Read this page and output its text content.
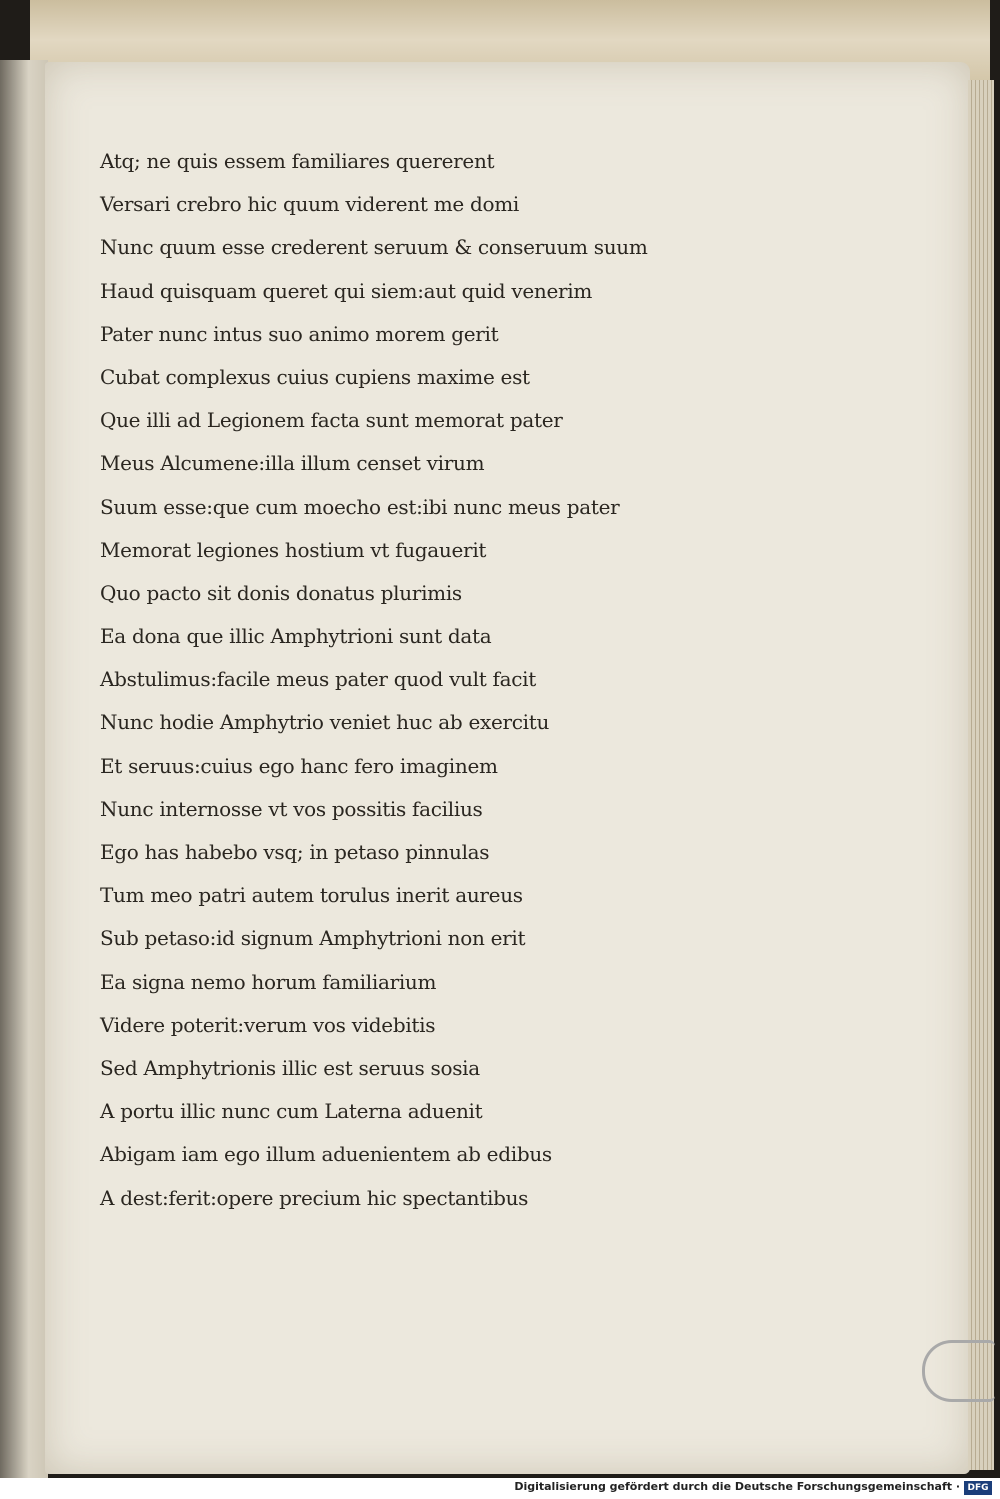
Atq; ne quis essem familiares quererent
Versari crebro hic quum viderent me domi
Nunc quum esse crederent seruum & conseruum suum
Haud quisquam queret qui siem:aut quid venerim
Pater nunc intus suo animo morem gerit
Cubat complexus cuius cupiens maxime est
Que illi ad Legionem facta sunt memorat pater
Meus Alcumene:illa illum censet virum
Suum esse:que cum moecho est:ibi nunc meus pater
Memorat legiones hostium vt fugauerit
Quo pacto sit donis donatus plurimis
Ea dona que illic Amphytrioni sunt data
Abstulimus:facile meus pater quod vult facit
Nunc hodie Amphytrio veniet huc ab exercitu
Et seruus:cuius ego hanc fero imaginem
Nunc internosse vt vos possitis facilius
Ego has habebo vsq; in petaso pinnulas
Tum meo patri autem torulus inerit aureus
Sub petaso:id signum Amphytrioni non erit
Ea signa nemo horum familiarium
Videre poterit:verum vos videbitis
Sed Amphytrionis illic est seruus sosia
A portu illic nunc cum Laterna aduenit
Abigam iam ego illum aduenientem ab edibus
A dest:ferit:opere precium hic spectantibus
Digitalisierung gefördert durch die Deutsche Forschungsgemeinschaft · DFG
